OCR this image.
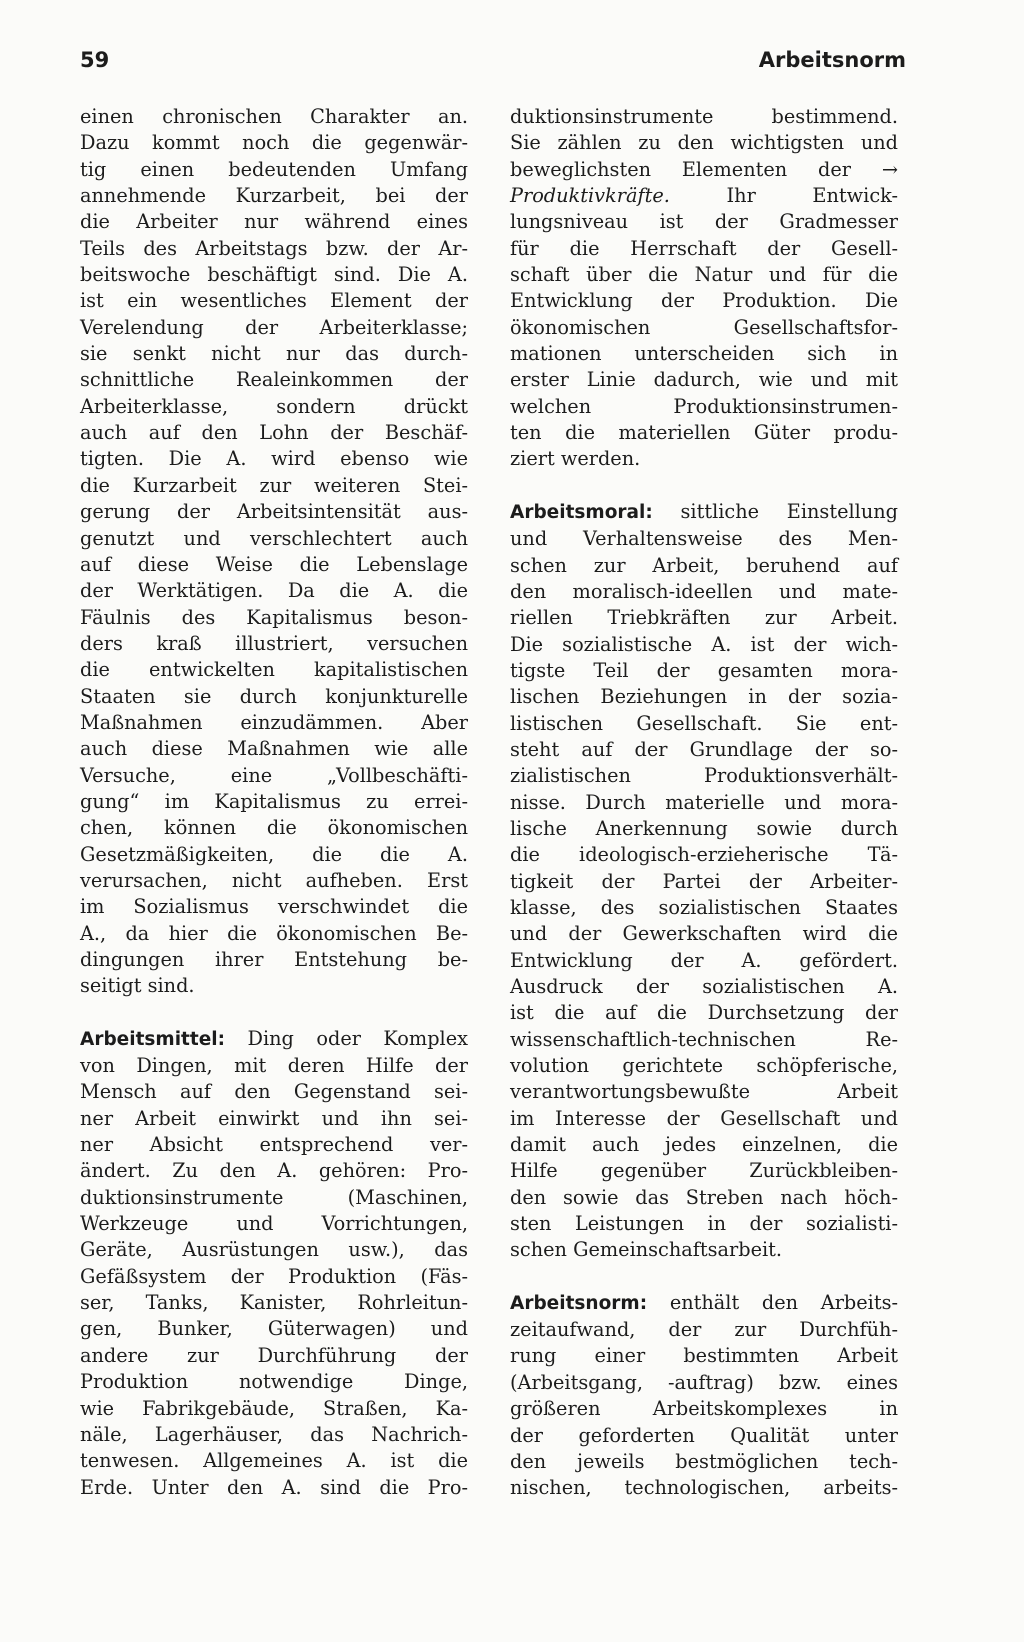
59	Arbeitsnorm
einen chronischen Charakter an.
Dazu kommt noch die gegenwär-
tig einen bedeutenden Umfang
annehmende Kurzarbeit, bei der
die Arbeiter nur während eines
Teils des Arbeitstags bzw. der Ar-
beitswoche beschäftigt sind. Die A.
ist ein wesentliches Element der
Verelendung der Arbeiterklasse;
sie senkt nicht nur das durch-
schnittliche Realeinkommen der
Arbeiterklasse, sondern drückt
auch auf den Lohn der Beschäf-
tigten. Die A. wird ebenso wie
die Kurzarbeit zur weiteren Stei-
gerung der Arbeitsintensität aus-
genutzt und verschlechtert auch
auf diese Weise die Lebenslage
der Werktätigen. Da die A. die
Fäulnis des Kapitalismus beson-
ders kraß illustriert, versuchen
die entwickelten kapitalistischen
Staaten sie durch konjunkturelle
Maßnahmen einzudämmen. Aber
auch diese Maßnahmen wie alle
Versuche, eine „Vollbeschäfti-
gung“ im Kapitalismus zu errei-
chen, können die ökonomischen
Gesetzmäßigkeiten, die die A.
verursachen, nicht aufheben. Erst
im Sozialismus verschwindet die
A., da hier die ökonomischen Be-
dingungen ihrer Entstehung be-
seitigt sind.
Arbeitsmittel: Ding oder Komplex
von Dingen, mit deren Hilfe der
Mensch auf den Gegenstand sei-
ner Arbeit einwirkt und ihn sei-
ner Absicht entsprechend ver-
ändert. Zu den A. gehören: Pro-
duktionsinstrumente (Maschinen,
Werkzeuge und Vorrichtungen,
Geräte, Ausrüstungen usw.), das
Gefäßsystem der Produktion (Fäs-
ser, Tanks, Kanister, Rohrleitun-
gen, Bunker, Güterwagen) und
andere zur Durchführung der
Produktion notwendige Dinge,
wie Fabrikgebäude, Straßen, Ka-
näle, Lagerhäuser, das Nachrich-
tenwesen. Allgemeines A. ist die
Erde. Unter den A. sind die Pro-
duktionsinstrumente bestimmend.
Sie zählen zu den wichtigsten und
beweglichsten Elementen der →
Produktivkräfte.	Ihr Entwick-
lungsniveau ist der Gradmesser
für die Herrschaft der Gesell-
schaft über die Natur und für die
Entwicklung der Produktion. Die
ökonomischen Gesellschaftsfor-
mationen unterscheiden sich in
erster Linie dadurch, wie und mit
welchen Produktionsinstrumen-
ten die materiellen Güter produ-
ziert werden.
Arbeitsmoral: sittliche Einstellung
und Verhaltensweise des Men-
schen zur Arbeit, beruhend auf
den moralisch-ideellen und mate-
riellen Triebkräften zur Arbeit.
Die sozialistische A. ist der wich-
tigste Teil der gesamten mora-
lischen Beziehungen in der sozia-
listischen Gesellschaft. Sie ent-
steht auf der Grundlage der so-
zialistischen Produktionsverhält-
nisse. Durch materielle und mora-
lische Anerkennung sowie durch
die ideologisch-erzieherische Tä-
tigkeit der Partei der Arbeiter-
klasse, des sozialistischen Staates
und der Gewerkschaften wird die
Entwicklung der A. gefördert.
Ausdruck der sozialistischen A.
ist die auf die Durchsetzung der
wissenschaftlich-technischen Re-
volution gerichtete schöpferische,
verantwortungsbewußte Arbeit
im Interesse der Gesellschaft und
damit auch jedes einzelnen, die
Hilfe gegenüber Zurückbleiben-
den sowie das Streben nach höch-
sten Leistungen in der sozialisti-
schen Gemeinschaftsarbeit.
Arbeitsnorm: enthält den Arbeits-
zeitaufwand, der zur Durchfüh-
rung einer bestimmten Arbeit
(Arbeitsgang, -auftrag) bzw. eines
größeren Arbeitskomplexes in
der geforderten Qualität unter
den jeweils bestmöglichen tech-
nischen, technologischen, arbeits-
